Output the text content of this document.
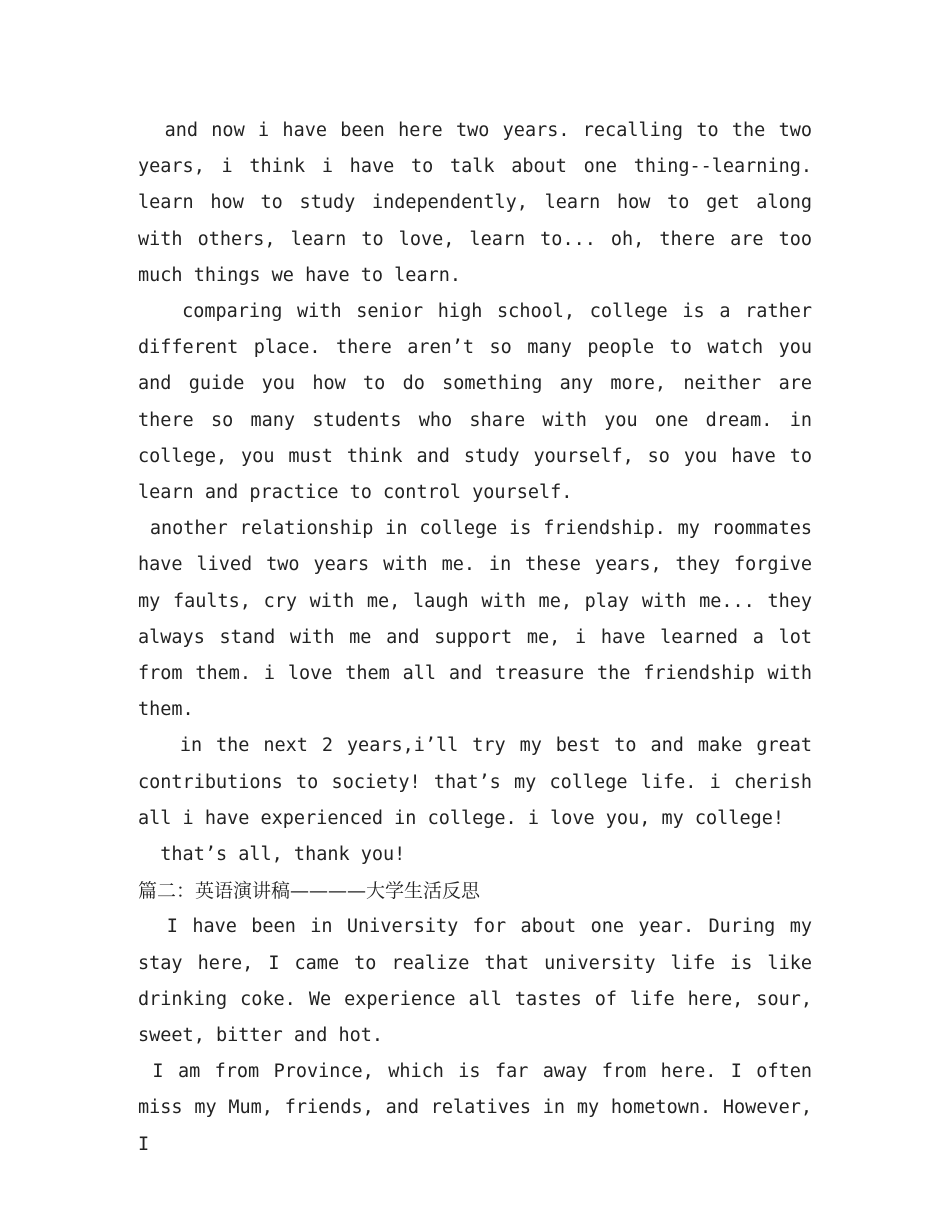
and now i have been here two years. recalling to the two years, i think i have to talk about one thing--learning. learn how to study independently, learn how to get along with others, learn to love, learn to... oh, there are too much things we have to learn.

comparing with senior high school, college is a rather different place. there aren’t so many people to watch you and guide you how to do something any more, neither are there so many students who share with you one dream. in college, you must think and study yourself, so you have to learn and practice to control yourself.

another relationship in college is friendship. my roommates have lived two years with me. in these years, they forgive my faults, cry with me, laugh with me, play with me... they always stand with me and support me, i have learned a lot from them. i love them all and treasure the friendship with them.

in the next 2 years,i’ll try my best to and make great contributions to society! that’s my college life. i cherish all i have experienced in college. i love you, my college!

that’s all, thank you!

篇二：英语演讲稿————大学生活反思

I have been in University for about one year. During my stay here, I came to realize that university life is like drinking coke. We experience all tastes of life here, sour, sweet, bitter and hot.

I am from Province, which is far away from here. I often miss my Mum, friends, and relatives in my hometown. However, I
